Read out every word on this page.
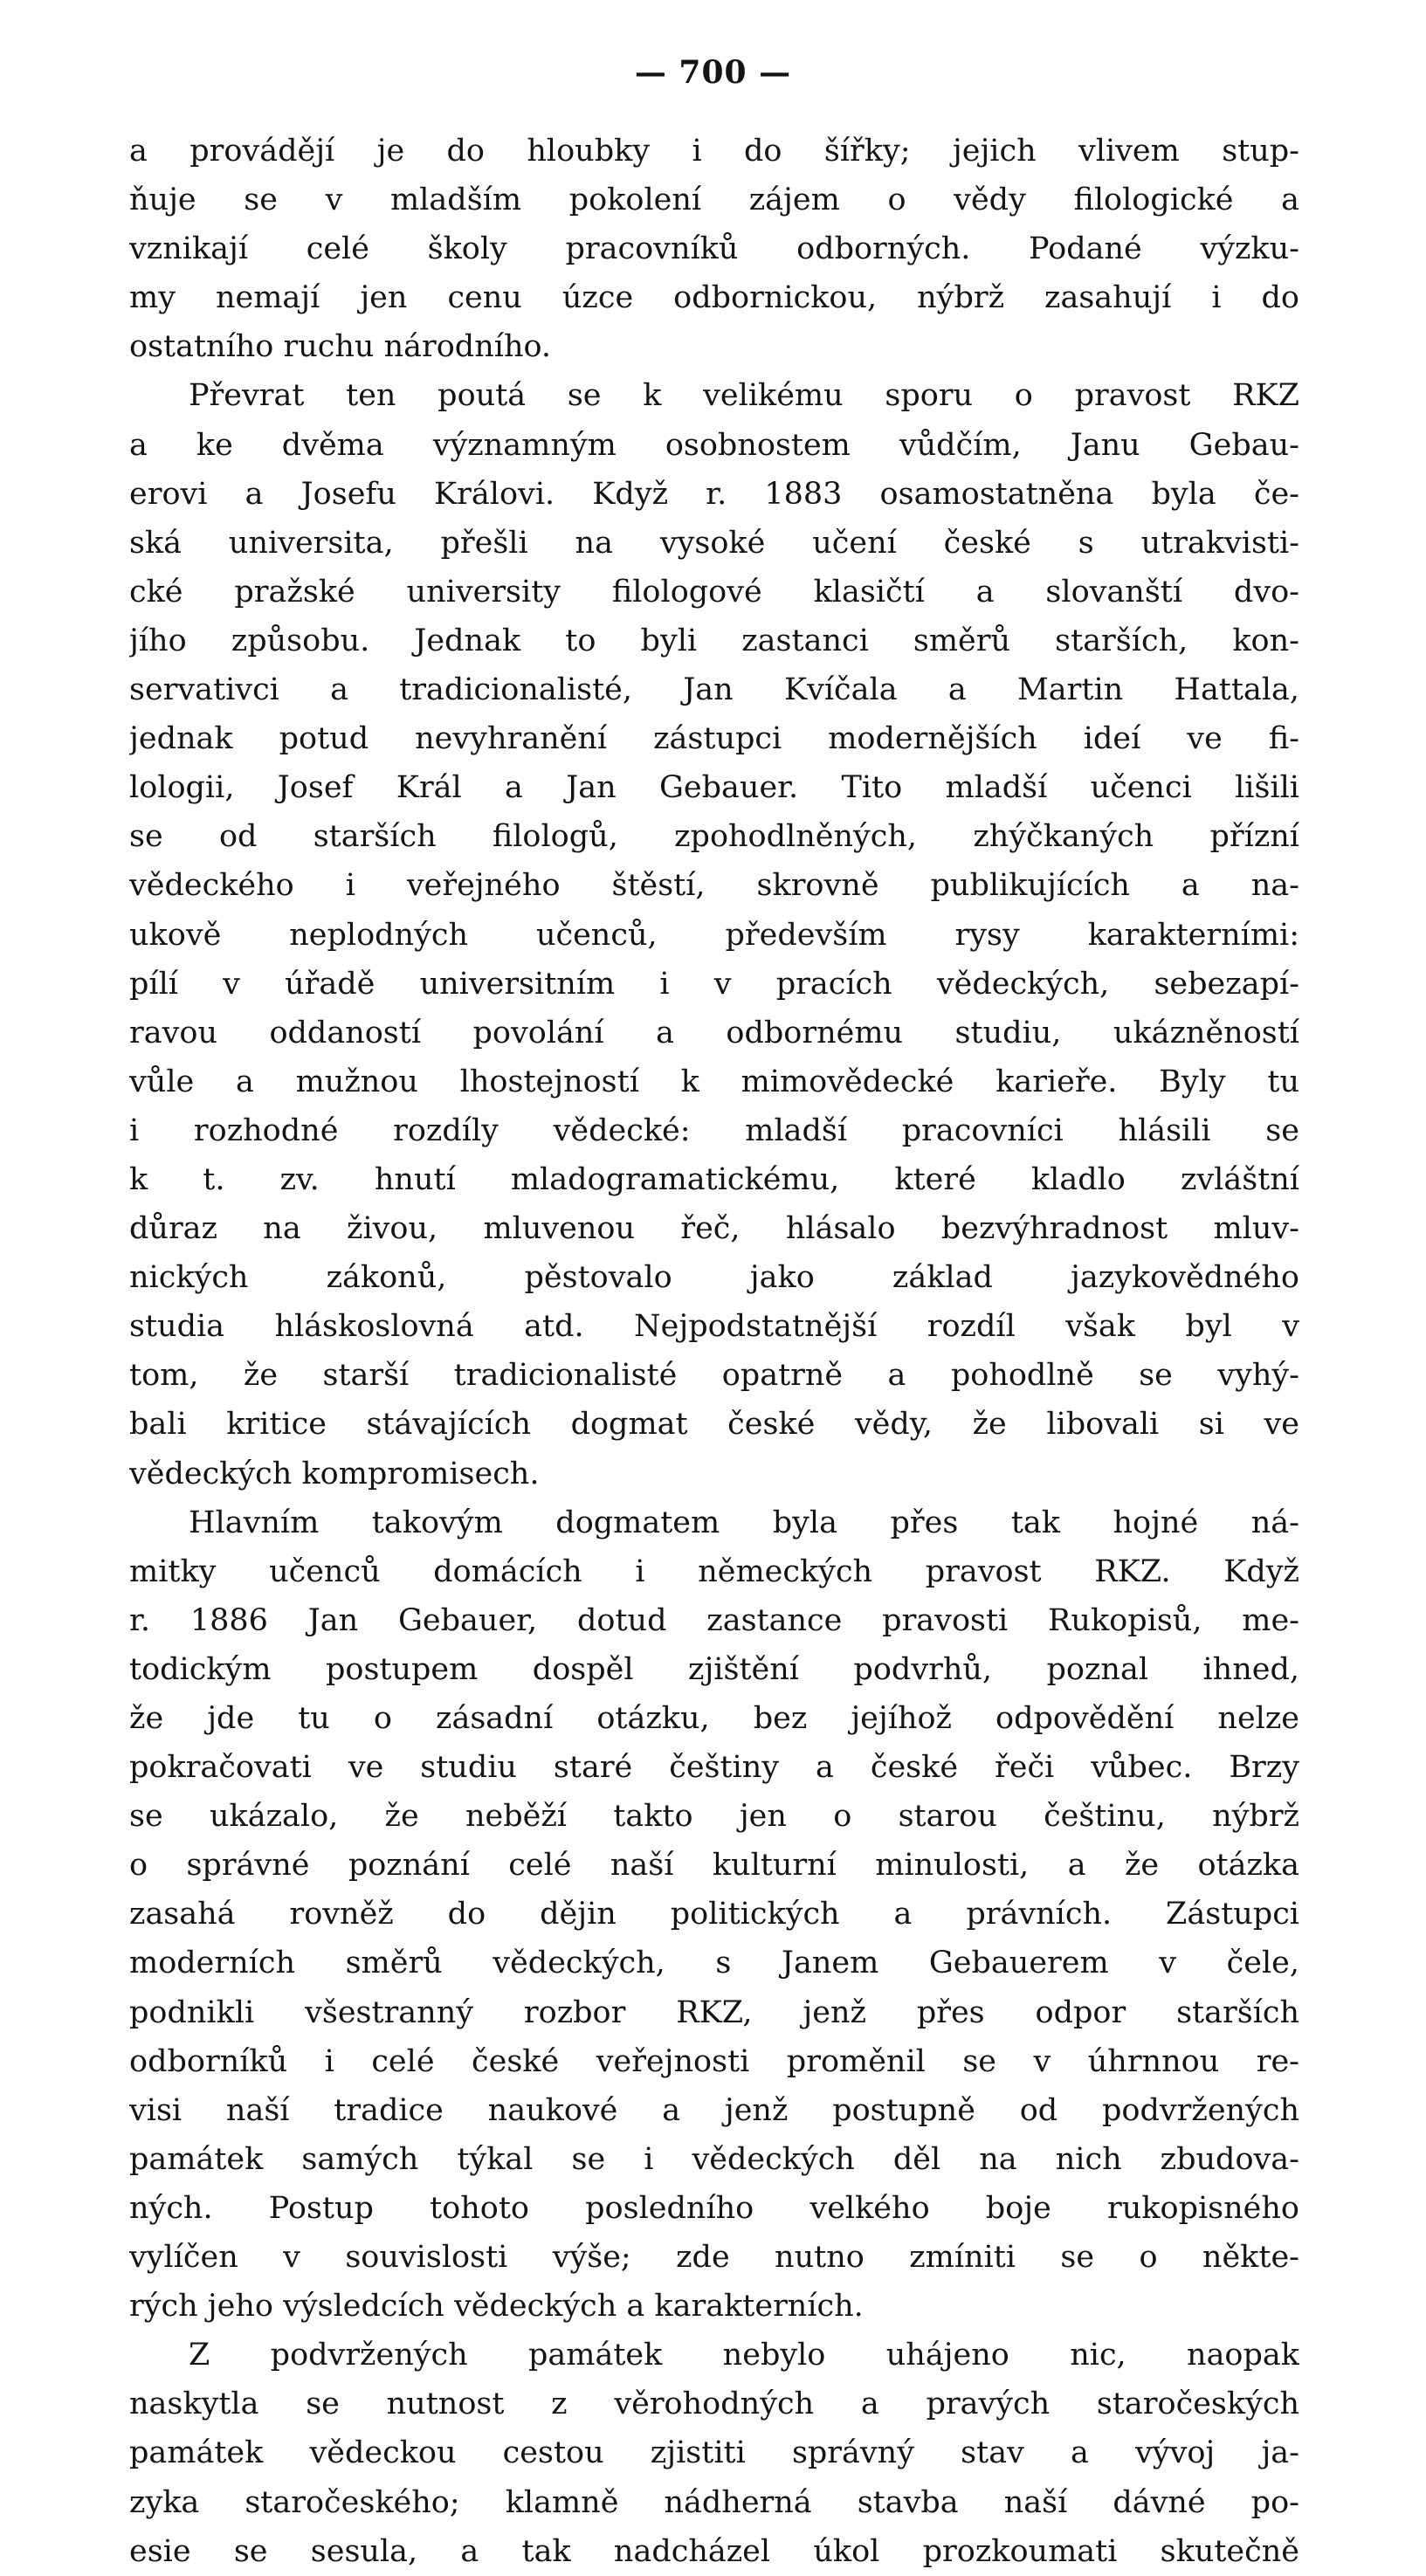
— 700 —
a provádějí je do hloubky i do šířky; jejich vlivem stup-
ňuje se v mladším pokolení zájem o vědy filologické a
vznikají celé školy pracovníků odborných. Podané výzku-
my nemají jen cenu úzce odbornickou, nýbrž zasahují i do
ostatního ruchu národního.
Převrat ten poutá se k velikému sporu o pravost RKZ
a ke dvěma významným osobnostem vůdčím, Janu Gebau-
erovi a Josefu Královi. Když r. 1883 osamostatněna byla če-
ská universita, přešli na vysoké učení české s utrakvisti-
cké pražské university filologové klasičtí a slovanští dvo-
jího způsobu. Jednak to byli zastanci směrů starších, kon-
servativci a tradicionalisté, Jan Kvíčala a Martin Hattala,
jednak potud nevyhranění zástupci modernějších ideí ve fi-
lologii, Josef Král a Jan Gebauer. Tito mladší učenci lišili
se od starších filologů, zpohodlněných, zhýčkaných přízní
vědeckého i veřejného štěstí, skrovně publikujících a na-
ukově neplodných učenců, především rysy karakterními:
pílí v úřadě universitním i v pracích vědeckých, sebezapí-
ravou oddaností povolání a odbornému studiu, ukázněností
vůle a mužnou lhostejností k mimovědecké karieře. Byly tu
i rozhodné rozdíly vědecké: mladší pracovníci hlásili se
k t. zv. hnutí mladogramatickému, které kladlo zvláštní
důraz na živou, mluvenou řeč, hlásalo bezvýhradnost mluv-
nických zákonů, pěstovalo jako základ jazykovědného
studia hláskoslovná atd. Nejpodstatnější rozdíl však byl v
tom, že starší tradicionalisté opatrně a pohodlně se vyhý-
bali kritice stávajících dogmat české vědy, že libovali si ve
vědeckých kompromisech.
Hlavním takovým dogmatem byla přes tak hojné ná-
mitky učenců domácích i německých pravost RKZ. Když
r. 1886 Jan Gebauer, dotud zastance pravosti Rukopisů, me-
todickým postupem dospěl zjištění podvrhů, poznal ihned,
že jde tu o zásadní otázku, bez jejíhož odpovědění nelze
pokračovati ve studiu staré češtiny a české řeči vůbec. Brzy
se ukázalo, že neběží takto jen o starou češtinu, nýbrž
o správné poznání celé naší kulturní minulosti, a že otázka
zasahá rovněž do dějin politických a právních. Zástupci
moderních směrů vědeckých, s Janem Gebauerem v čele,
podnikli všestranný rozbor RKZ, jenž přes odpor starších
odborníků i celé české veřejnosti proměnil se v úhrnnou re-
visi naší tradice naukové a jenž postupně od podvržených
památek samých týkal se i vědeckých děl na nich zbudova-
ných. Postup tohoto posledního velkého boje rukopisného
vylíčen v souvislosti výše; zde nutno zmíniti se o někte-
rých jeho výsledcích vědeckých a karakterních.
Z podvržených památek nebylo uhájeno nic, naopak
naskytla se nutnost z věrohodných a pravých staročeských
památek vědeckou cestou zjistiti správný stav a vývoj ja-
zyka staročeského; klamně nádherná stavba naší dávné po-
esie se sesula, a tak nadcházel úkol prozkoumati skutečně
